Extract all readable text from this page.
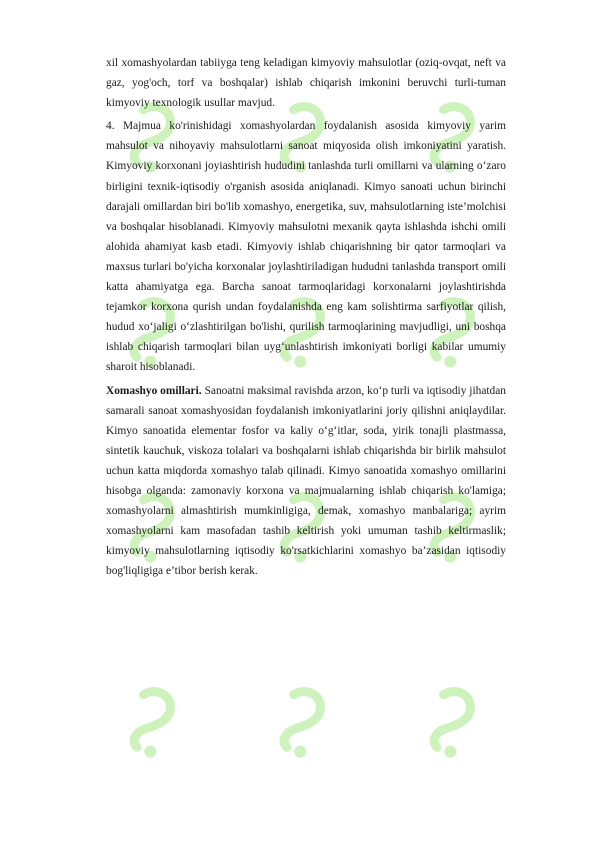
xil xomashyolardan tabiiyga teng keladigan kimyoviy mahsulotlar (oziq-ovqat, neft va gaz, yog'och, torf va boshqalar) ishlab chiqarish imkonini beruvchi turli-tuman kimyoviy texnologik usullar mavjud.

4. Majmua ko'rinishidagi xomashyolardan foydalanish asosida kimyoviy yarim mahsulot va nihoyaviy mahsulotlarni sanoat miqyosida olish imkoniyatini yaratish. Kimyoviy korxonani joyiashtirish hududini tanlashda turli omillarni va ularning o‘zaro birligini texnik-iqtisodiy o'rganish asosida aniqlanadi. Kimyo sanoati uchun birinchi darajali omillardan biri bo'lib xomashyo, energetika, suv, mahsulotlarning iste’molchisi va boshqalar hisoblanadi. Kimyoviy mahsulotni mexanik qayta ishlashda ishchi omili alohida ahamiyat kasb etadi. Kimyoviy ishlab chiqarishning bir qator tarmoqlari va maxsus turlari bo'yicha korxonalar joylashtiriladigan hududni tanlashda transport omili katta ahamiyatga ega. Barcha sanoat tarmoqlaridagi korxonalarni joylashtirishda tejamkor korxona qurish undan foydalanishda eng kam solishtirma sarfiyotlar qilish, hudud xo‘jaligi o‘zlashtirilgan bo'lishi, qurilish tarmoqlarining mavjudligi, uni boshqa ishlab chiqarish tarmoqlari bilan uyg‘unlashtirish imkoniyati borligi kabilar umumiy sharoit hisoblanadi.

Xomashyo omillari. Sanoatni maksimal ravishda arzon, ko‘p turli va iqtisodiy jihatdan samarali sanoat xomashyosidan foydalanish imkoniyatlarini joriy qilishni aniqlaydilar. Kimyo sanoatida elementar fosfor va kaliy o‘g‘itlar, soda, yirik tonajli plastmassa, sintetik kauchuk, viskoza tolalari va boshqalarni ishlab chiqarishda bir birlik mahsulot uchun katta miqdorda xomashyo talab qilinadi. Kimyo sanoatida xomashyo omillarini hisobga olganda: zamonaviy korxona va majmualarning ishlab chiqarish ko'lamiga; xomashyolarni almashtirish mumkinligiga, demak, xomashyo manbalariga; ayrim xomashyolarni kam masofadan tashib keltirish yoki umuman tashib keltirmaslik; kimyoviy mahsulotlarning iqtisodiy ko'rsatkichlarini xomashyo ba’zasidan iqtisodiy bog'liqligiga e’tibor berish kerak.
